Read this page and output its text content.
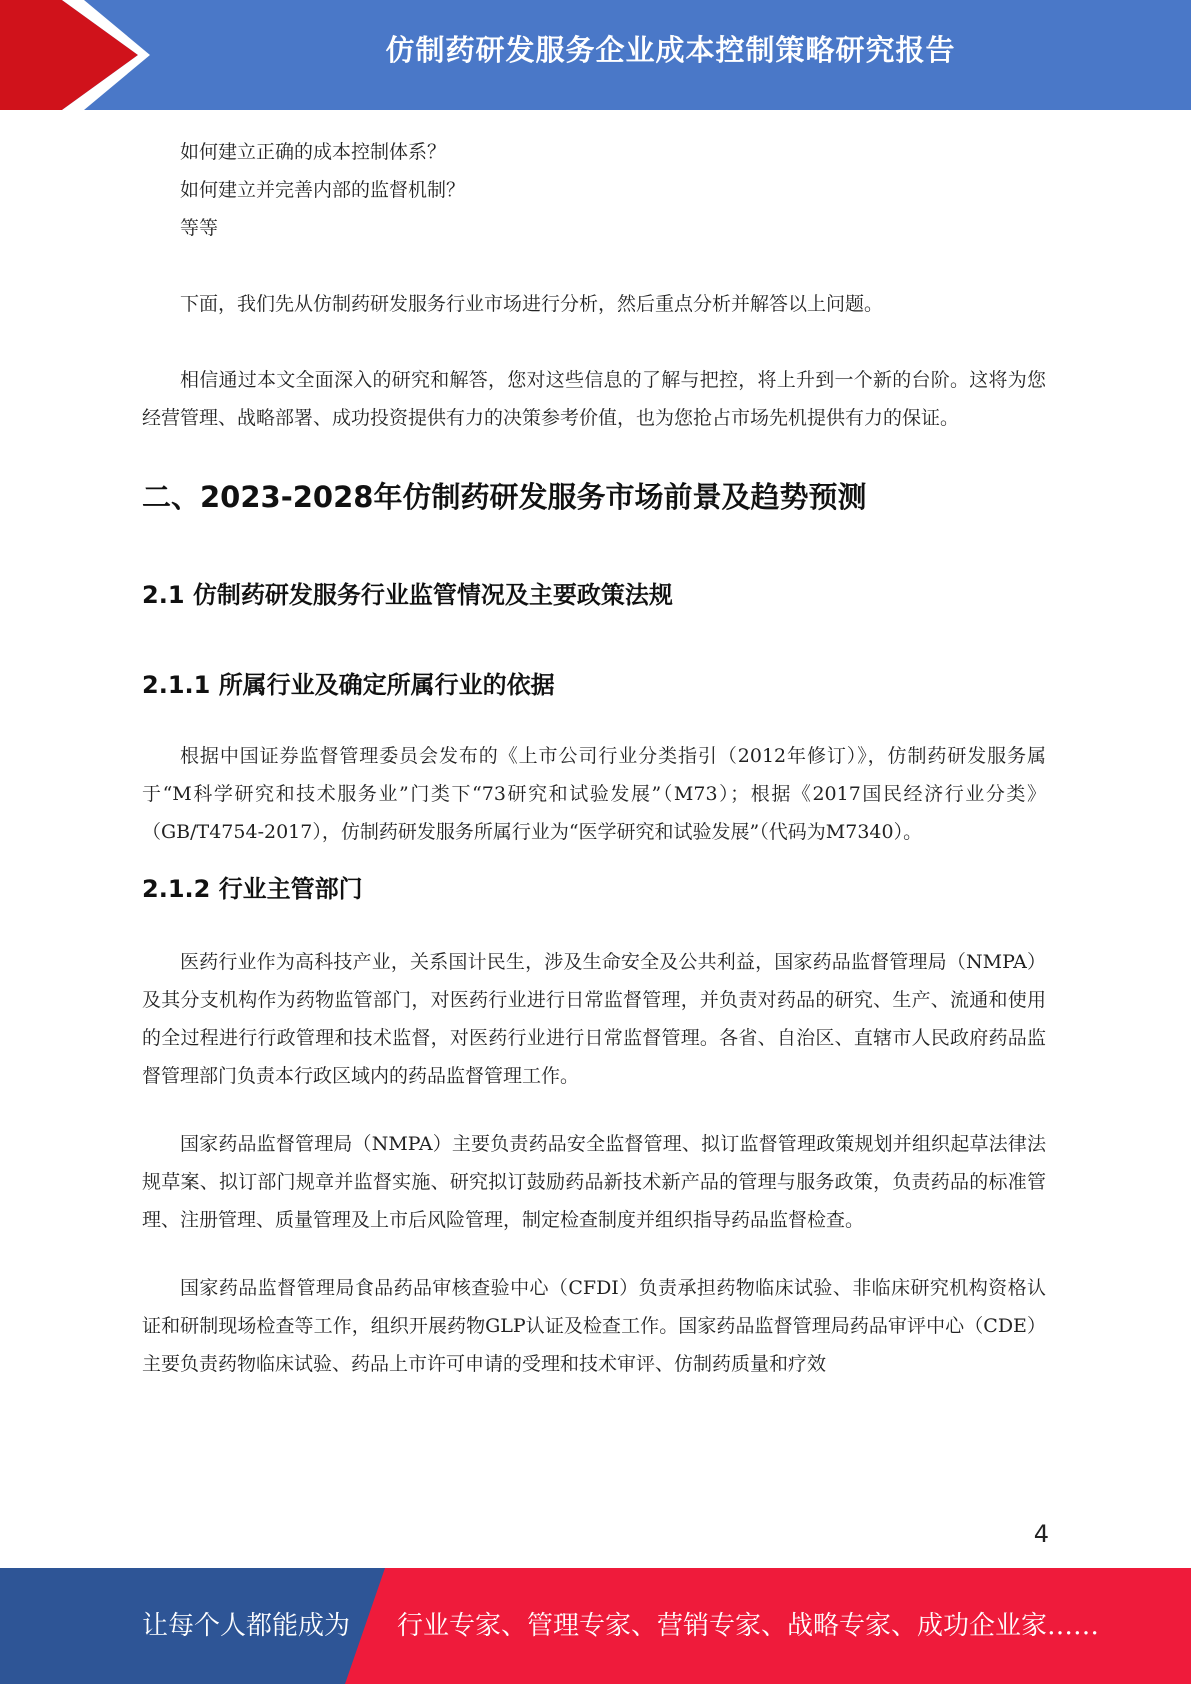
仿制药研发服务企业成本控制策略研究报告

如何建立正确的成本控制体系？

如何建立并完善内部的监督机制？

等等

下面，我们先从仿制药研发服务行业市场进行分析，然后重点分析并解答以上问题。

相信通过本文全面深入的研究和解答，您对这些信息的了解与把控，将上升到一个新的台阶。这将为您经营管理、战略部署、成功投资提供有力的决策参考价值，也为您抢占市场先机提供有力的保证。

二、2023-2028年仿制药研发服务市场前景及趋势预测
2.1 仿制药研发服务行业监管情况及主要政策法规
2.1.1 所属行业及确定所属行业的依据

根据中国证券监督管理委员会发布的《上市公司行业分类指引（2012年修订）》，仿制药研发服务属于“M科学研究和技术服务业”门类下“73研究和试验发展”（M73）；根据《2017国民经济行业分类》（GB/T4754-2017），仿制药研发服务所属行业为“医学研究和试验发展”（代码为M7340）。

2.1.2 行业主管部门

医药行业作为高科技产业，关系国计民生，涉及生命安全及公共利益，国家药品监督管理局（NMPA）及其分支机构作为药物监管部门，对医药行业进行日常监督管理，并负责对药品的研究、生产、流通和使用的全过程进行行政管理和技术监督，对医药行业进行日常监督管理。各省、自治区、直辖市人民政府药品监督管理部门负责本行政区域内的药品监督管理工作。

国家药品监督管理局（NMPA）主要负责药品安全监督管理、拟订监督管理政策规划并组织起草法律法规草案、拟订部门规章并监督实施、研究拟订鼓励药品新技术新产品的管理与服务政策，负责药品的标准管理、注册管理、质量管理及上市后风险管理，制定检查制度并组织指导药品监督检查。

国家药品监督管理局食品药品审核查验中心（CFDI）负责承担药物临床试验、非临床研究机构资格认证和研制现场检查等工作，组织开展药物GLP认证及检查工作。国家药品监督管理局药品审评中心（CDE）主要负责药物临床试验、药品上市许可申请的受理和技术审评、仿制药质量和疗效

4
让每个人都能成为 行业专家、管理专家、营销专家、战略专家、成功企业家……
